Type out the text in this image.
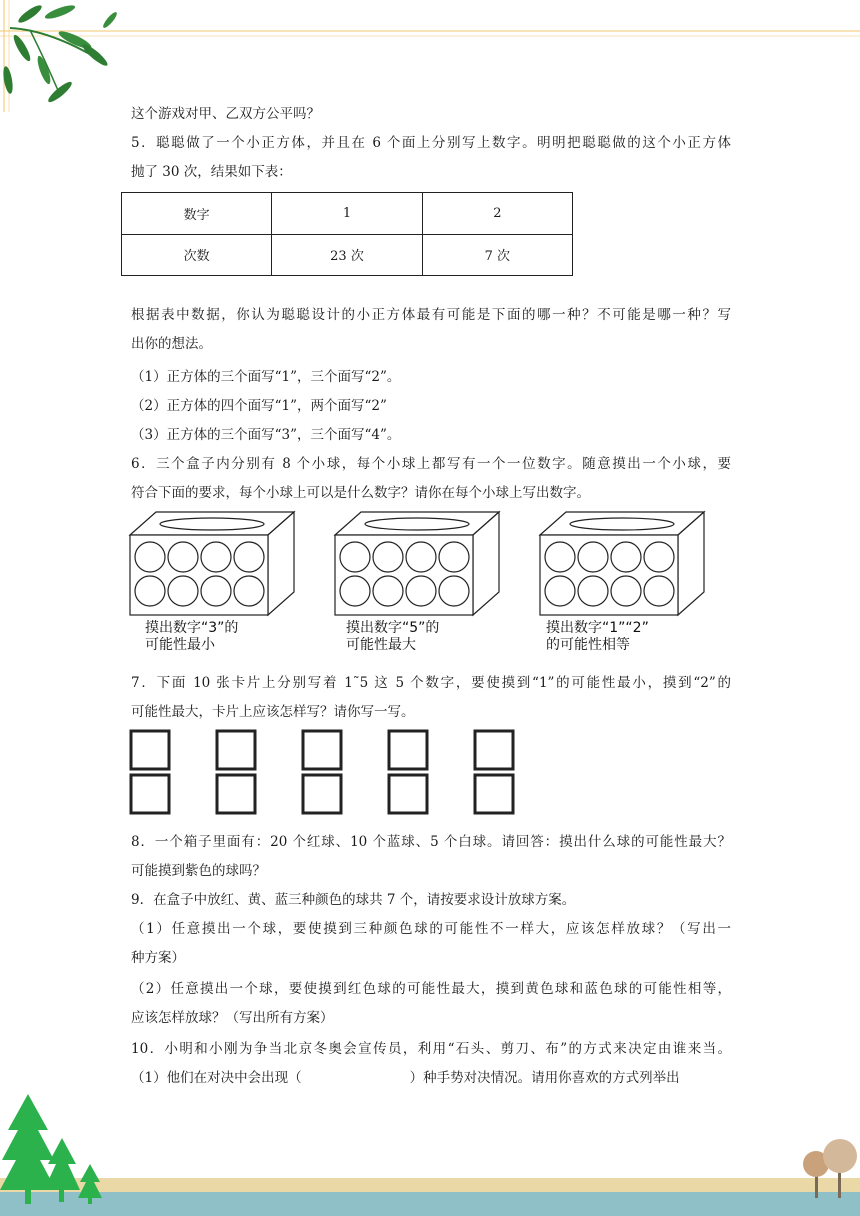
这个游戏对甲、乙双方公平吗？
5．聪聪做了一个小正方体，并且在 6 个面上分别写上数字。明明把聪聪做的这个小正方体
抛了 30 次，结果如下表：
数字	1	2
次数	23 次	7 次
根据表中数据，你认为聪聪设计的小正方体最有可能是下面的哪一种？不可能是哪一种？写
出你的想法。
（1）正方体的三个面写“1”，三个面写“2”。
（2）正方体的四个面写“1”，两个面写“2”
（3）正方体的三个面写“3”，三个面写“4”。
6．三个盒子内分别有 8 个小球，每个小球上都写有一个一位数字。随意摸出一个小球，要
符合下面的要求，每个小球上可以是什么数字？请你在每个小球上写出数字。
摸出数字“3”的
可能性最小
摸出数字“5”的
可能性最大
摸出数字“1”“2”
的可能性相等
7．下面 10 张卡片上分别写着 1˜5 这 5 个数字，要使摸到“1”的可能性最小，摸到“2”的
可能性最大，卡片上应该怎样写？请你写一写。
8．一个箱子里面有：20 个红球、10 个蓝球、5 个白球。请回答：摸出什么球的可能性最大？
可能摸到紫色的球吗？
9．在盒子中放红、黄、蓝三种颜色的球共 7 个，请按要求设计放球方案。
（1）任意摸出一个球，要使摸到三种颜色球的可能性不一样大，应该怎样放球？（写出一
种方案）
（2）任意摸出一个球，要使摸到红色球的可能性最大，摸到黄色球和蓝色球的可能性相等，
应该怎样放球？（写出所有方案）
10．小明和小刚为争当北京冬奥会宣传员，利用“石头、剪刀、布”的方式来决定由谁来当。
（1）他们在对决中会出现（	）种手势对决情况。请用你喜欢的方式列举出
